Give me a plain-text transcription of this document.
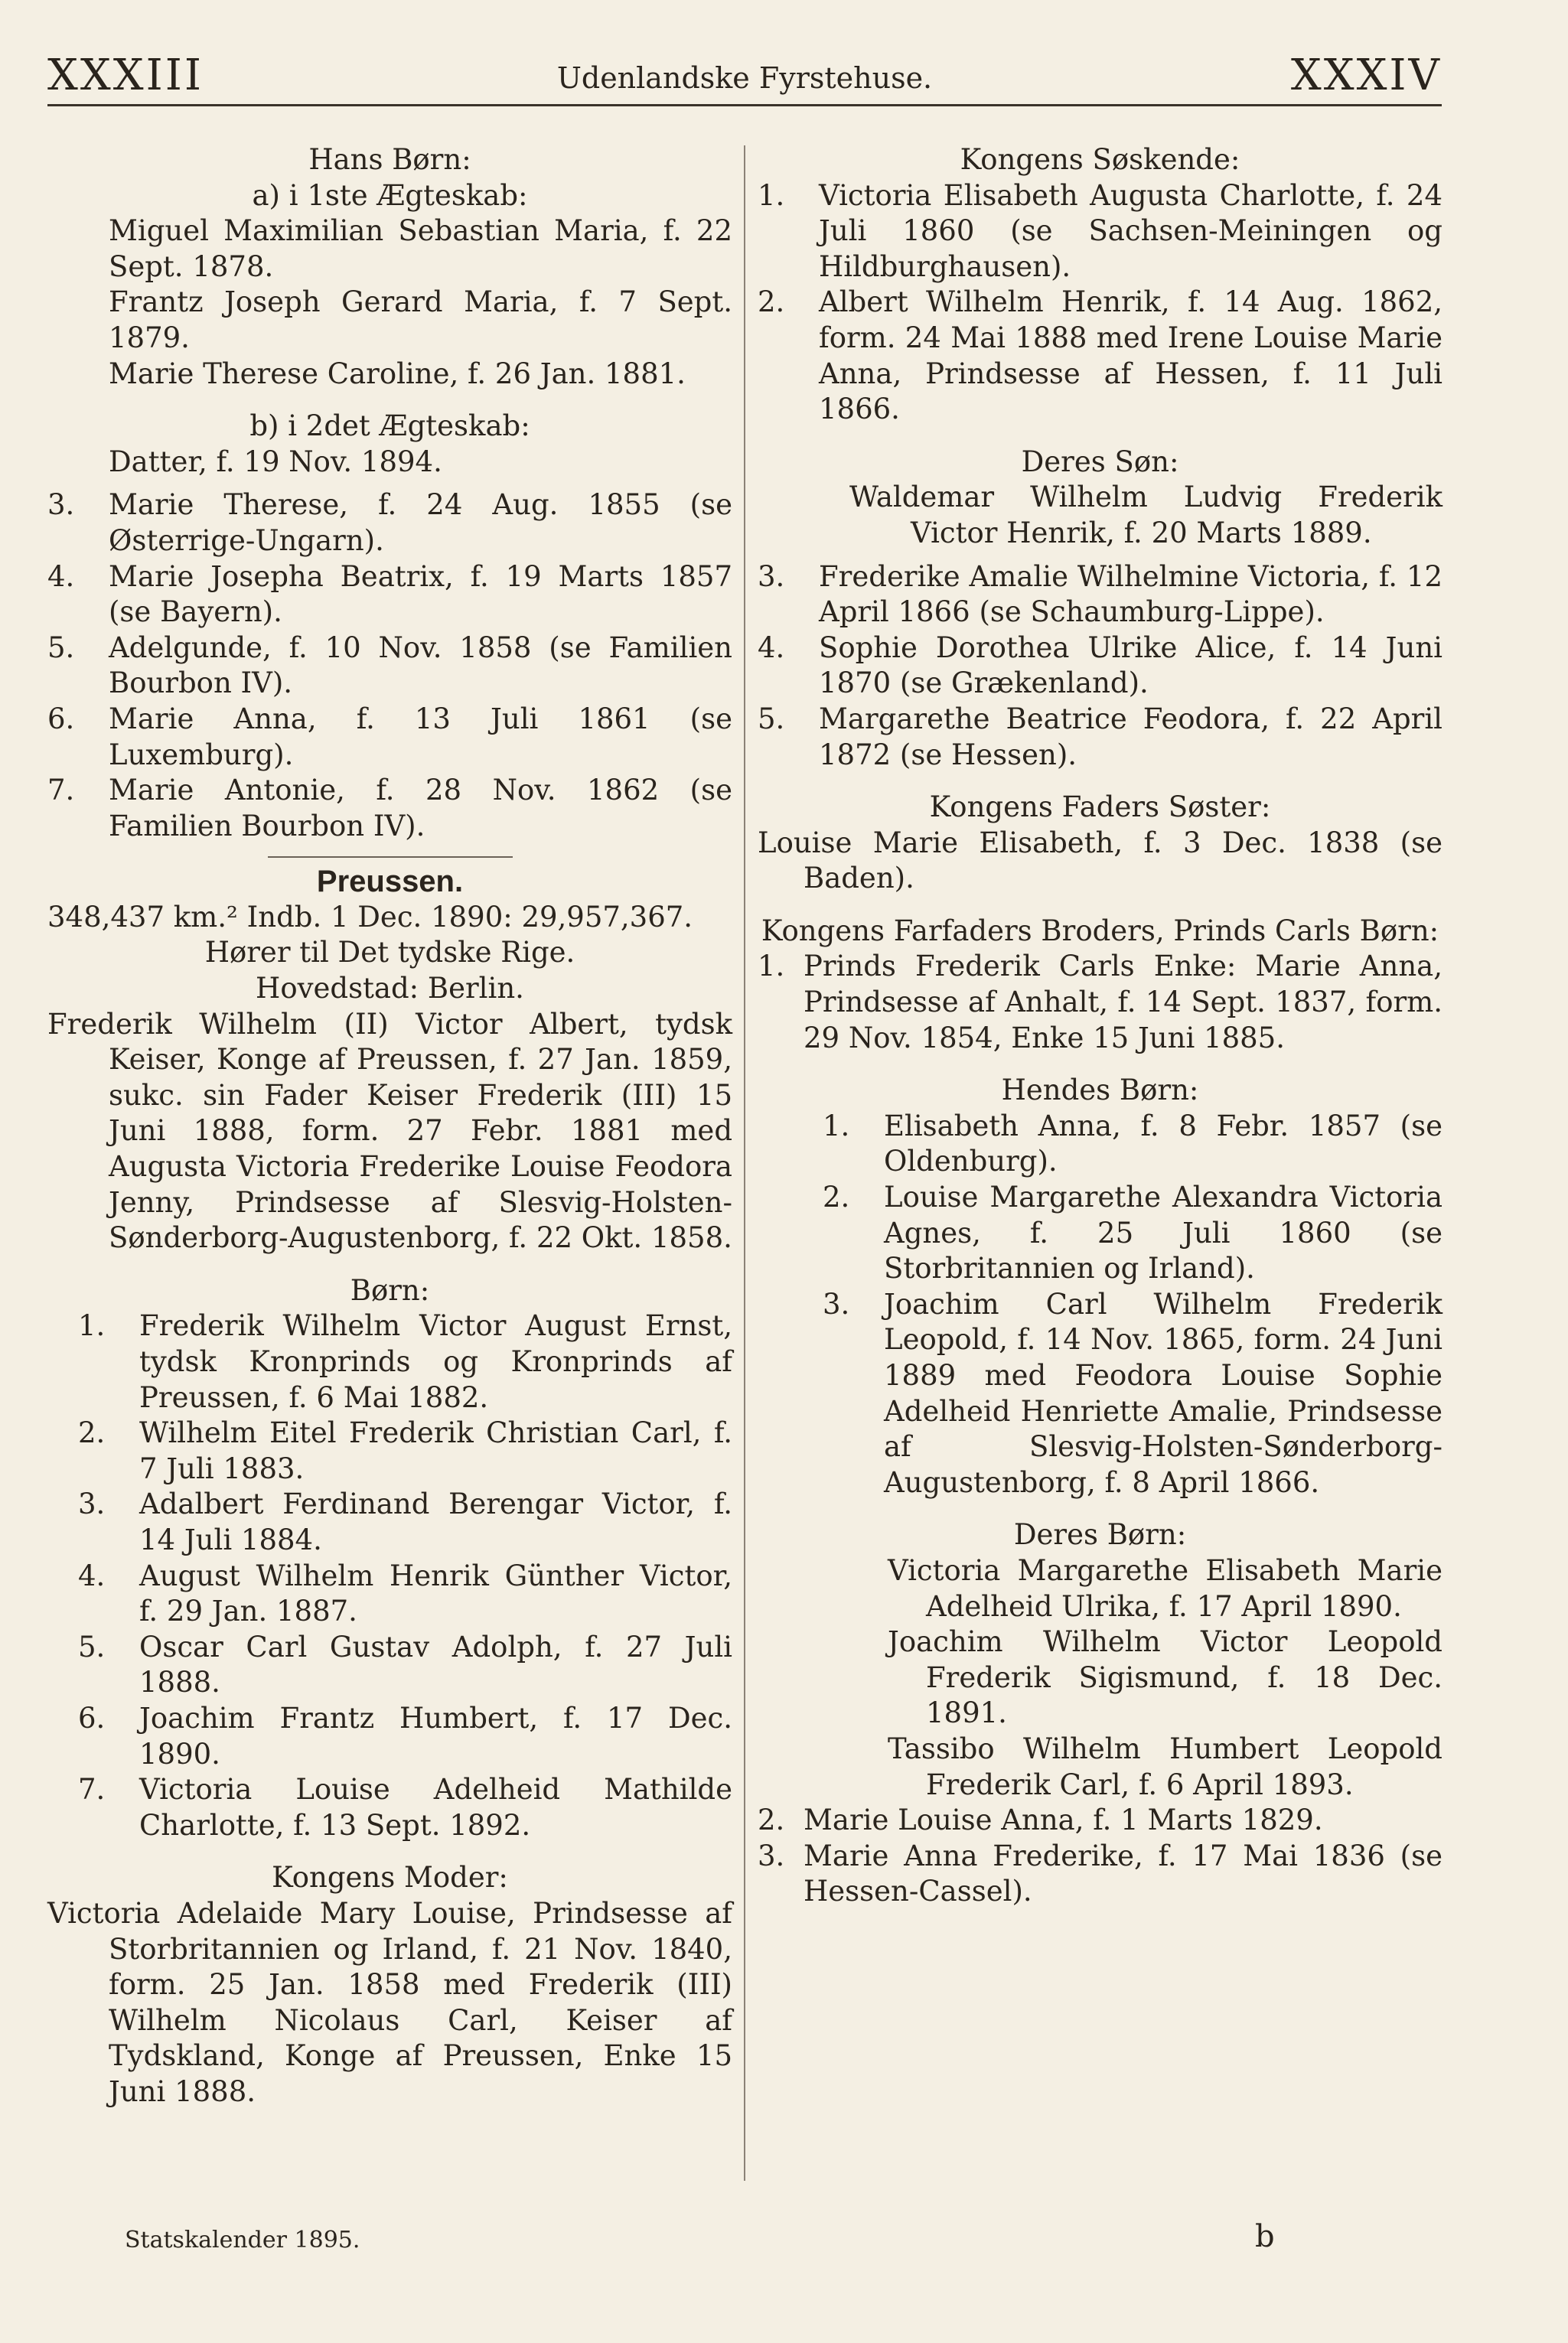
XXXIII	Udenlandske Fyrstehuse.	XXXIV
Hans Børn:
a) i 1ste Ægteskab:
Miguel Maximilian Sebastian Maria, f. 22 Sept. 1878.
Frantz Joseph Gerard Maria, f. 7 Sept. 1879.
Marie Therese Caroline, f. 26 Jan. 1881.
b) i 2det Ægteskab:
Datter, f. 19 Nov. 1894.
3.	Marie Therese, f. 24 Aug. 1855 (se Østerrige-Ungarn).
4.	Marie Josepha Beatrix, f. 19 Marts 1857 (se Bayern).
5.	Adelgunde, f. 10 Nov. 1858 (se Familien Bourbon IV).
6.	Marie Anna, f. 13 Juli 1861 (se Luxemburg).
7.	Marie Antonie, f. 28 Nov. 1862 (se Familien Bourbon IV).
Preussen.
348,437 km.² Indb. 1 Dec. 1890: 29,957,367.
Hører til Det tydske Rige.
Hovedstad: Berlin.
Frederik Wilhelm (II) Victor Albert, tydsk Keiser, Konge af Preussen, f. 27 Jan. 1859, sukc. sin Fader Keiser Frederik (III) 15 Juni 1888, form. 27 Febr. 1881 med Augusta Victoria Frederike Louise Feodora Jenny, Prindsesse af Slesvig-Holsten-Sønderborg-Augustenborg, f. 22 Okt. 1858.
Børn:
1.	Frederik Wilhelm Victor August Ernst, tydsk Kronprinds og Kronprinds af Preussen, f. 6 Mai 1882.
2.	Wilhelm Eitel Frederik Christian Carl, f. 7 Juli 1883.
3.	Adalbert Ferdinand Berengar Victor, f. 14 Juli 1884.
4.	August Wilhelm Henrik Günther Victor, f. 29 Jan. 1887.
5.	Oscar Carl Gustav Adolph, f. 27 Juli 1888.
6.	Joachim Frantz Humbert, f. 17 Dec. 1890.
7.	Victoria Louise Adelheid Mathilde Charlotte, f. 13 Sept. 1892.
Kongens Moder:
Victoria Adelaide Mary Louise, Prindsesse af Storbritannien og Irland, f. 21 Nov. 1840, form. 25 Jan. 1858 med Frederik (III) Wilhelm Nicolaus Carl, Keiser af Tydskland, Konge af Preussen, Enke 15 Juni 1888.
Kongens Søskende:
1.	Victoria Elisabeth Augusta Charlotte, f. 24 Juli 1860 (se Sachsen-Meiningen og Hildburghausen).
2.	Albert Wilhelm Henrik, f. 14 Aug. 1862, form. 24 Mai 1888 med Irene Louise Marie Anna, Prindsesse af Hessen, f. 11 Juli 1866.
Deres Søn:
Waldemar Wilhelm Ludvig Frederik Victor Henrik, f. 20 Marts 1889.
3.	Frederike Amalie Wilhelmine Victoria, f. 12 April 1866 (se Schaumburg-Lippe).
4.	Sophie Dorothea Ulrike Alice, f. 14 Juni 1870 (se Grækenland).
5.	Margarethe Beatrice Feodora, f. 22 April 1872 (se Hessen).
Kongens Faders Søster:
Louise Marie Elisabeth, f. 3 Dec. 1838 (se Baden).
Kongens Farfaders Broders, Prinds Carls Børn:
1. Prinds Frederik Carls Enke: Marie Anna, Prindsesse af Anhalt, f. 14 Sept. 1837, form. 29 Nov. 1854, Enke 15 Juni 1885.
Hendes Børn:
1.	Elisabeth Anna, f. 8 Febr. 1857 (se Oldenburg).
2.	Louise Margarethe Alexandra Victoria Agnes, f. 25 Juli 1860 (se Storbritannien og Irland).
3.	Joachim Carl Wilhelm Frederik Leopold, f. 14 Nov. 1865, form. 24 Juni 1889 med Feodora Louise Sophie Adelheid Henriette Amalie, Prindsesse af Slesvig-Holsten-Sønderborg-Augustenborg, f. 8 April 1866.
Deres Børn:
Victoria Margarethe Elisabeth Marie Adelheid Ulrika, f. 17 April 1890.
Joachim Wilhelm Victor Leopold Frederik Sigismund, f. 18 Dec. 1891.
Tassibo Wilhelm Humbert Leopold Frederik Carl, f. 6 April 1893.
2. Marie Louise Anna, f. 1 Marts 1829.
3. Marie Anna Frederike, f. 17 Mai 1836 (se Hessen-Cassel).
Statskalender 1895.	b
